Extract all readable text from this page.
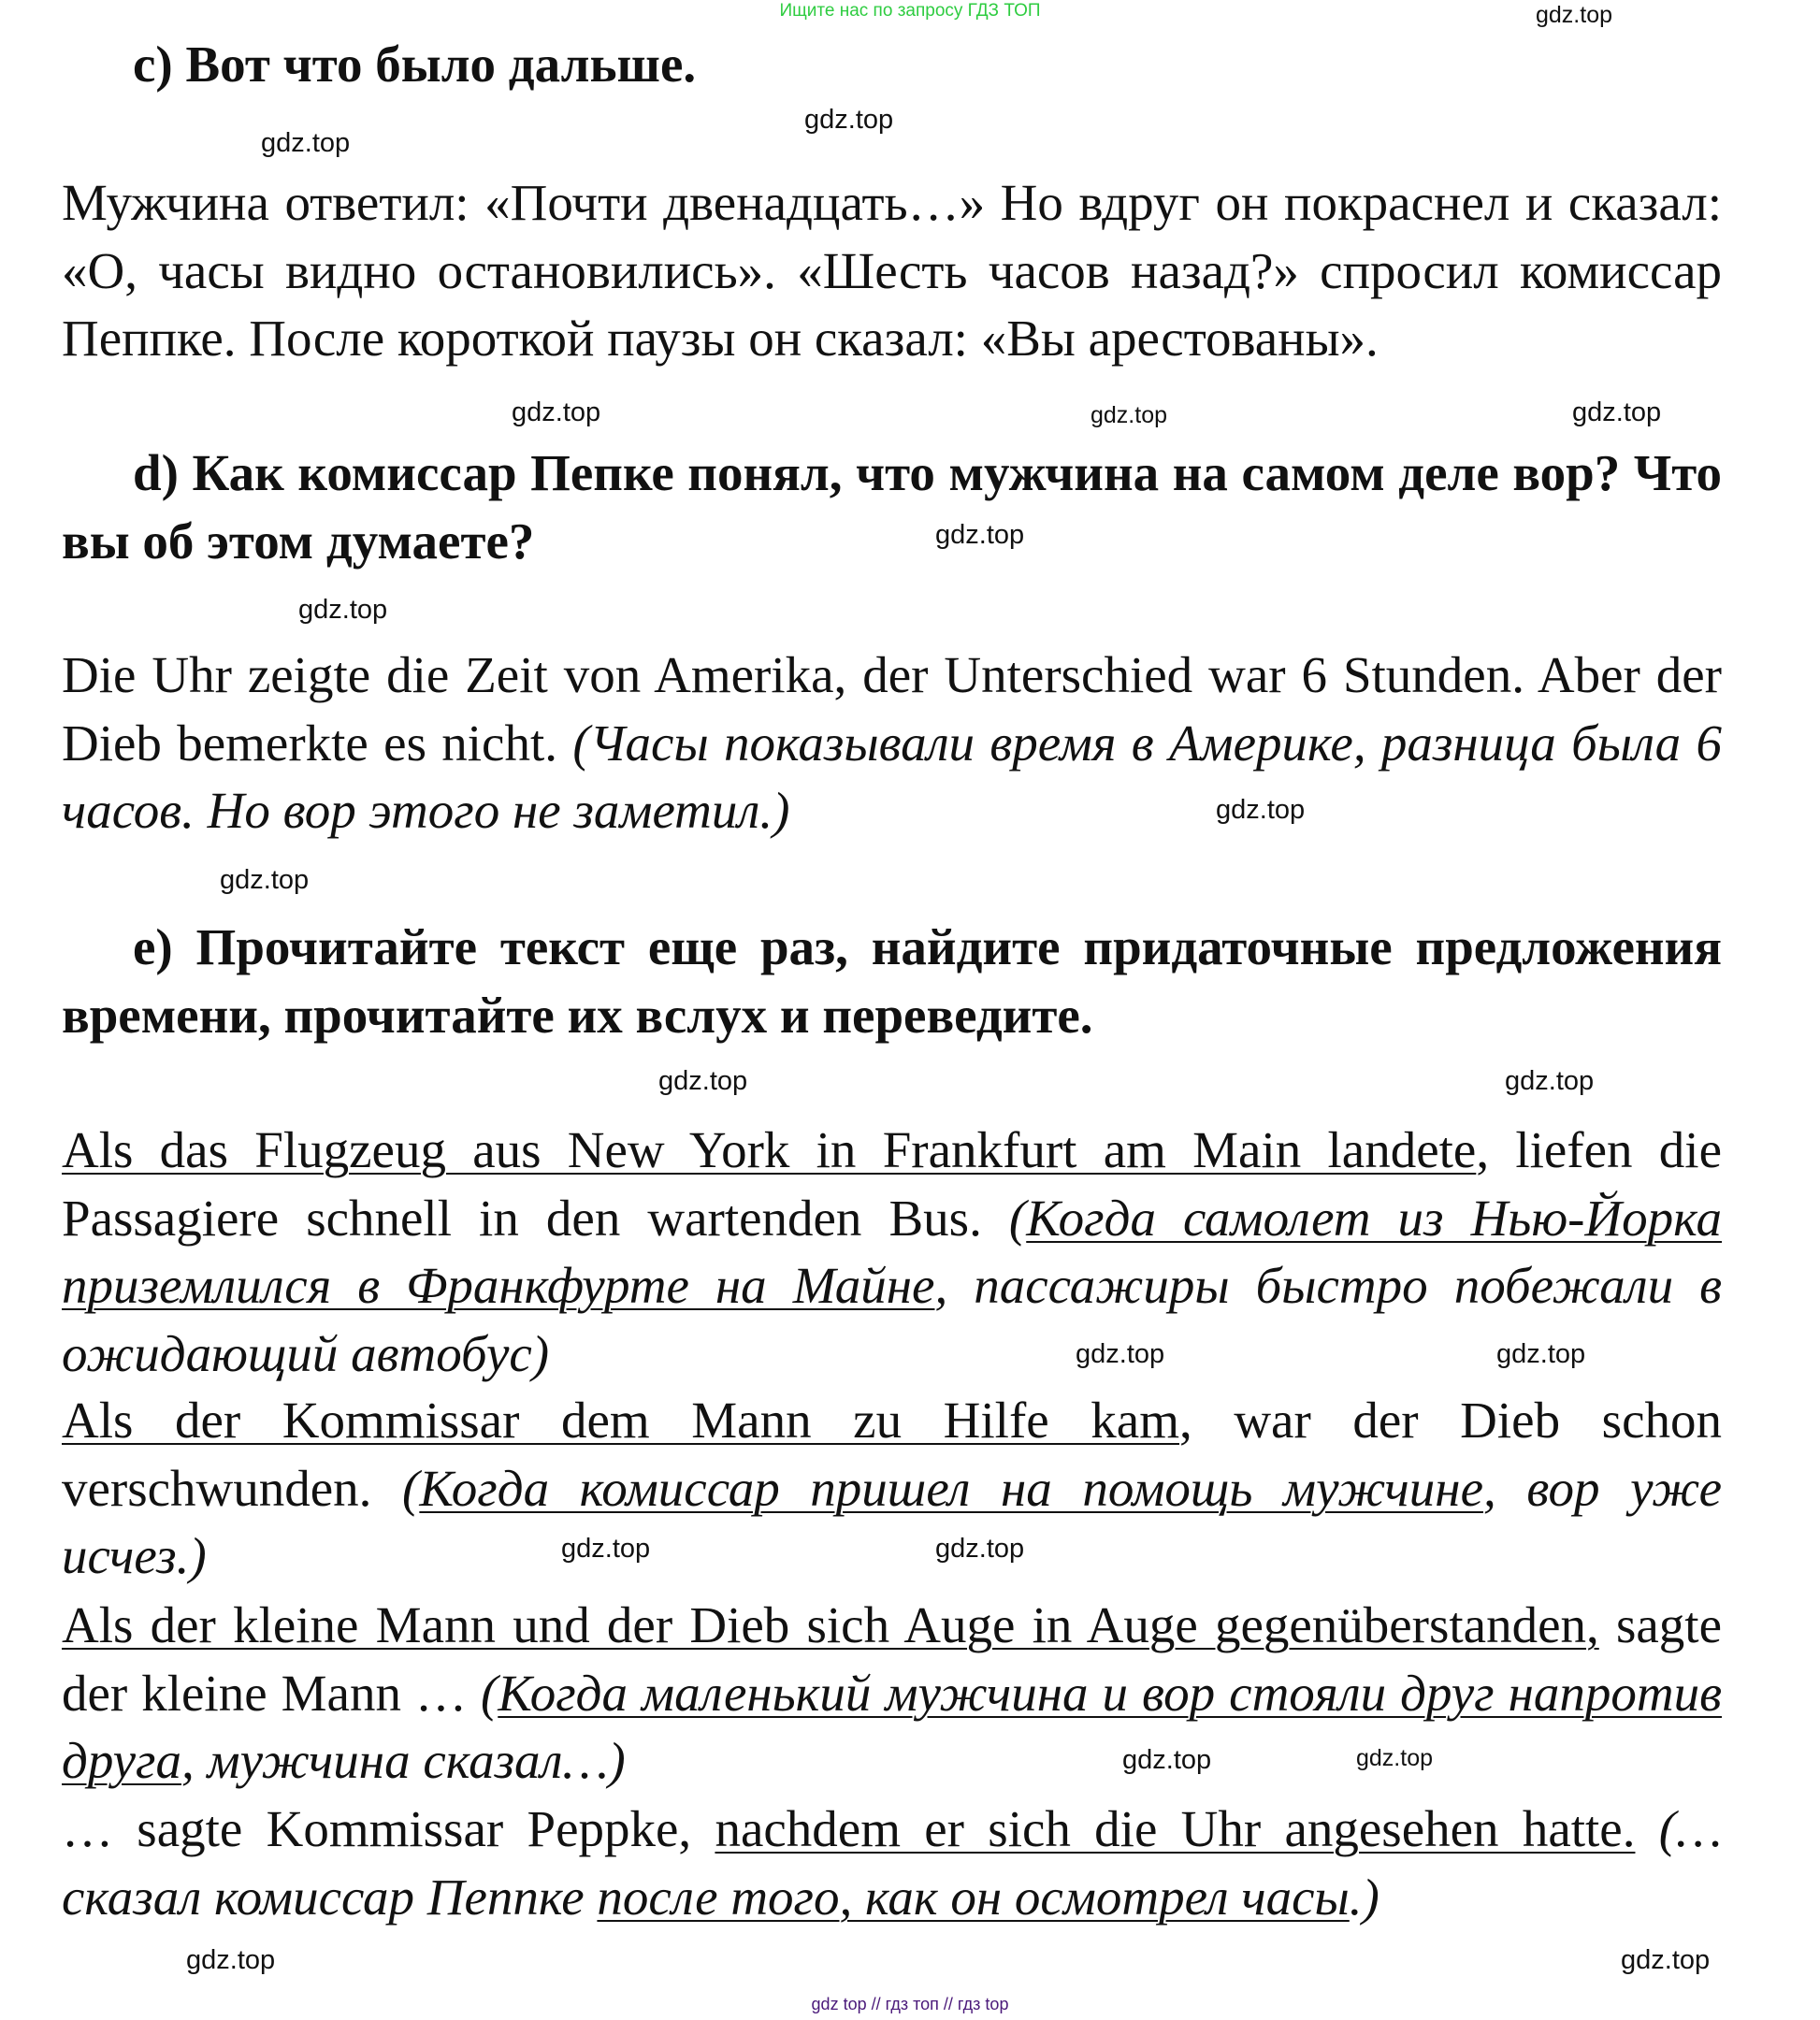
Ищите нас по запросу ГДЗ ТОП

c) Вот что было дальше.

Мужчина ответил: «Почти двенадцать…» Но вдруг он покраснел и сказал: «О, часы видно остановились». «Шесть часов назад?» спросил комиссар Пеппке. После короткой паузы он сказал: «Вы арестованы».

d) Как комиссар Пепке понял, что мужчина на самом деле вор? Что вы об этом думаете?

Die Uhr zeigte die Zeit von Amerika, der Unterschied war 6 Stunden. Aber der Dieb bemerkte es nicht. (Часы показывали время в Америке, разница была 6 часов. Но вор этого не заметил.)

e) Прочитайте текст еще раз, найдите придаточные предложения времени, прочитайте их вслух и переведите.

Als das Flugzeug aus New York in Frankfurt am Main landete, liefen die Passagiere schnell in den wartenden Bus. (Когда самолет из Нью-Йорка приземлился в Франкфурте на Майне, пассажиры быстро побежали в ожидающий автобус)

Als der Kommissar dem Mann zu Hilfe kam, war der Dieb schon verschwunden. (Когда комиссар пришел на помощь мужчине, вор уже исчез.)

Als der kleine Mann und der Dieb sich Auge in Auge gegenüberstanden, sagte der kleine Mann … (Когда маленький мужчина и вор стояли друг напротив друга, мужчина сказал…)

… sagte Kommissar Peppke, nachdem er sich die Uhr angesehen hatte. (…сказал комиссар Пеппке после того, как он осмотрел часы.)

gdz.top
gdz.top
gdz.top
gdz.top
gdz.top	gdz.top
gdz.top
gdz.top
gdz.top
gdz.top
gdz.top
gdz.top
gdz.top	gdz.top
gdz.top	gdz.top
gdz.top
gdz.top
gdz.top
gdz.top
gdz top // гдз топ // гдз top
